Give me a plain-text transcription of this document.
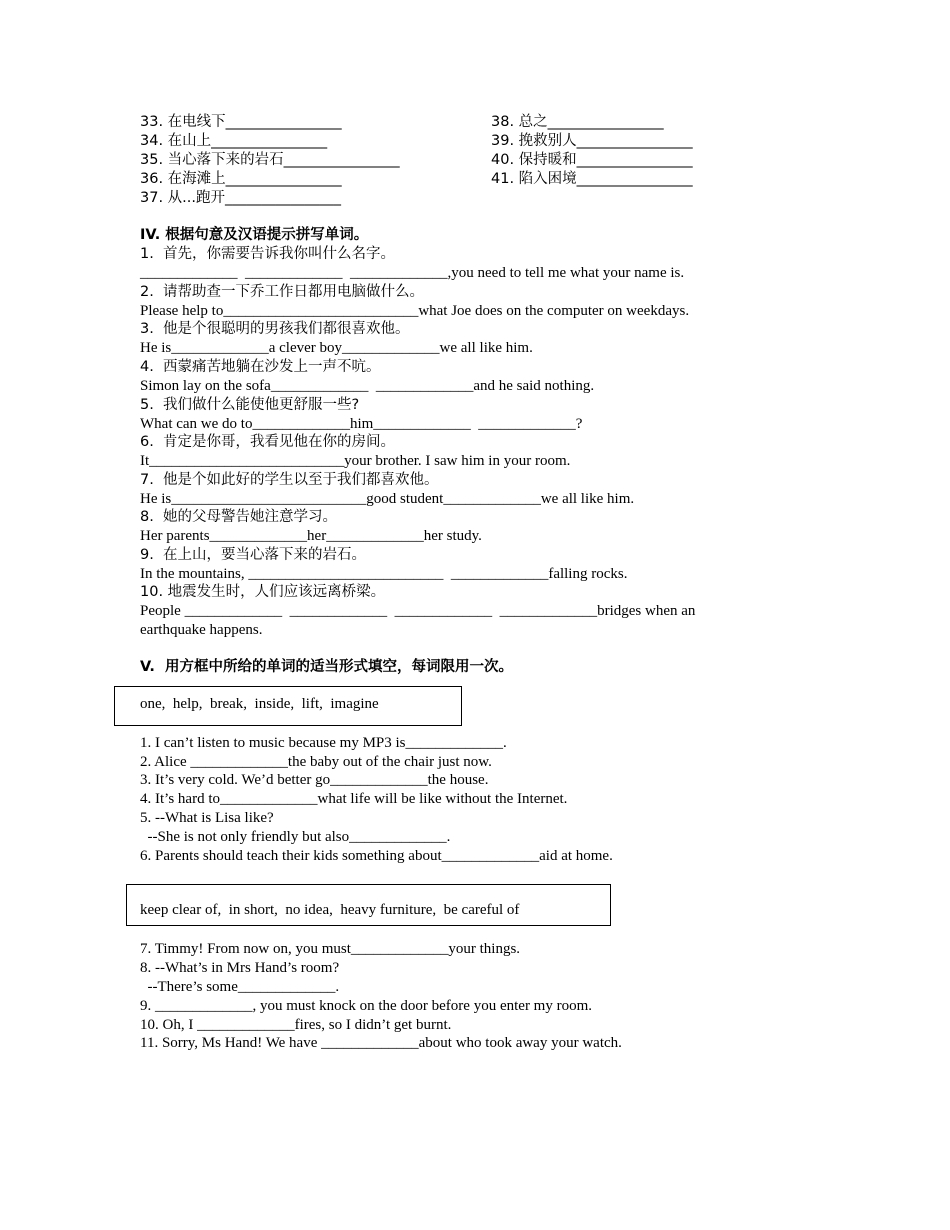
33. 在电线下________________
34. 在山上________________
35. 当心落下来的岩石________________
36. 在海滩上________________
37. 从...跑开________________
38. 总之________________
39. 挽救别人________________
40. 保持暖和________________
41. 陷入困境________________
IV. 根据句意及汉语提示拼写单词。
1.  首先，你需要告诉我你叫什么名字。
_____________  _____________  _____________,you need to tell me what your name is.
2.  请帮助查一下乔工作日都用电脑做什么。
Please help to__________________________what Joe does on the computer on weekdays.
3.  他是个很聪明的男孩我们都很喜欢他。
He is_____________a clever boy_____________we all like him.
4.  西蒙痛苦地躺在沙发上一声不吭。
Simon lay on the sofa_____________  _____________and he said nothing.
5.  我们做什么能使他更舒服一些?
What can we do to_____________him_____________  _____________?
6.  肯定是你哥，我看见他在你的房间。
It__________________________your brother. I saw him in your room.
7.  他是个如此好的学生以至于我们都喜欢他。
He is__________________________good student_____________we all like him.
8.  她的父母警告她注意学习。
Her parents_____________her_____________her study.
9.  在上山，要当心落下来的岩石。
In the mountains, __________________________  _____________falling rocks.
10. 地震发生时，人们应该远离桥梁。
People _____________  _____________  _____________  _____________bridges when an
earthquake happens.
V.  用方框中所给的单词的适当形式填空，每词限用一次。
one,  help,  break,  inside,  lift,  imagine
1. I can’t listen to music because my MP3 is_____________.
2. Alice _____________the baby out of the chair just now.
3. It’s very cold. We’d better go_____________the house.
4. It’s hard to_____________what life will be like without the Internet.
5. --What is Lisa like?
--She is not only friendly but also_____________.
6. Parents should teach their kids something about_____________aid at home.
keep clear of,  in short,  no idea,  heavy furniture,  be careful of
7. Timmy! From now on, you must_____________your things.
8. --What’s in Mrs Hand’s room?
--There’s some_____________.
9. _____________, you must knock on the door before you enter my room.
10. Oh, I _____________fires, so I didn’t get burnt.
11. Sorry, Ms Hand! We have _____________about who took away your watch.
